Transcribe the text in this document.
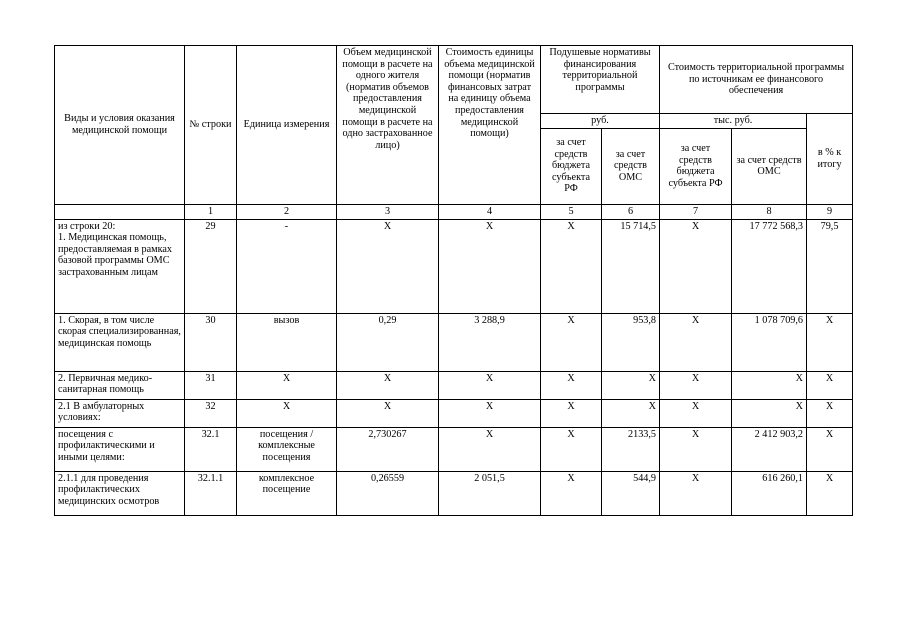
Виды и условия оказания медицинской помощи	№ строки	Единица измерения	Объем медицинской помощи в расчете на одного жителя (норматив объемов предоставления медицинской помощи в расчете на одно застрахованное лицо)	Стоимость единицы объема медицинской помощи (норматив финансовых затрат на единицу объема предоставления медицинской помощи)	Подушевые нормативы финансирования территориальной программы		Стоимость территориальной программы по источникам ее финансового обеспечения		
					руб.		тыс. руб.		в % к итогу
					за счет средств бюджета субъекта РФ	за счет средств ОМС	за счет средств бюджета субъекта РФ	за счет средств ОМС	
	1	2	3	4	5	6	7	8	9
из строки 20:
1. Медицинская помощь, предоставляемая в рамках базовой программы ОМС застрахованным лицам	29	-	Х	Х	Х	15 714,5	Х	17 772 568,3	79,5
1. Скорая, в том числе скорая специализированная, медицинская помощь	30	вызов	0,29	3 288,9	Х	953,8	Х	1 078 709,6	Х
2. Первичная медико-санитарная помощь	31	Х	Х	Х	Х	Х	Х	Х	Х
2.1 В амбулаторных условиях:	32	Х	Х	Х	Х	Х	Х	Х	Х
посещения с профилактическими и иными целями:	32.1	посещения / комплексные посещения	2,730267	Х	Х	2133,5	Х	2 412 903,2	Х
2.1.1 для проведения профилактических медицинских осмотров	32.1.1	комплексное посещение	0,26559	2 051,5	Х	544,9	Х	616 260,1	Х
